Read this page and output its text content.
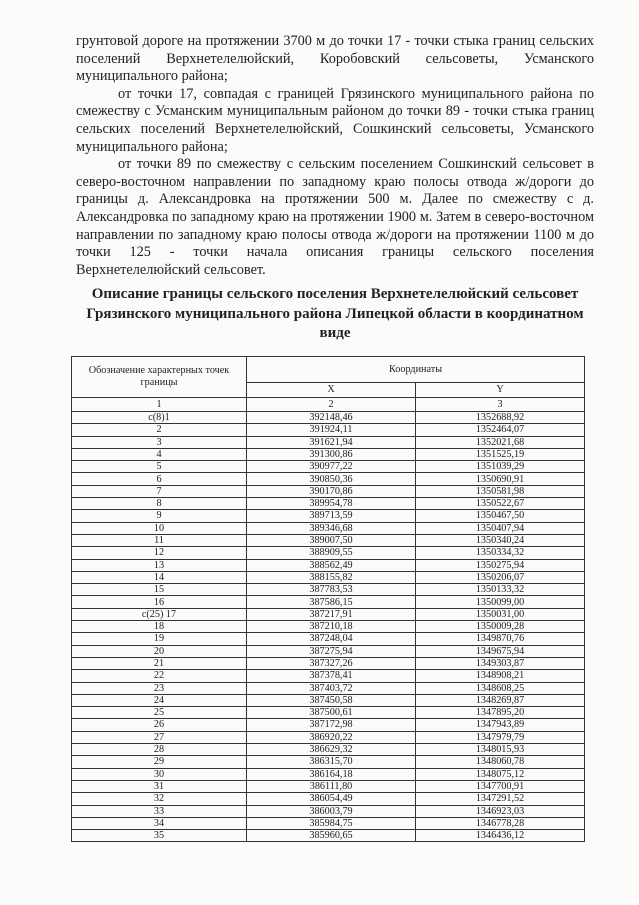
грунтовой дороге на протяжении 3700 м до точки 17 - точки стыка границ сельских поселений Верхнетелелюйский, Коробовский сельсоветы, Усманского муниципального района;

от точки 17, совпадая с границей Грязинского муниципального района по смежеству с Усманским муниципальным районом до точки 89 - точки стыка границ сельских поселений Верхнетелелюйский, Сошкинский сельсоветы, Усманского муниципального района;

от точки 89 по смежеству с сельским поселением Сошкинский сельсовет в северо-восточном направлении по западному краю полосы отвода ж/дороги до границы д. Александровка на протяжении 500 м. Далее по смежеству с д. Александровка по западному краю на протяжении 1900 м. Затем в северо-восточном направлении по западному краю полосы отвода ж/дороги на протяжении 1100 м до точки 125 - точки начала описания границы сельского поселения Верхнетелелюйский сельсовет.

Описание границы сельского поселения Верхнетелелюйский сельсовет Грязинского муниципального района Липецкой области в координатном виде
Обозначение характерных точек границы	Координаты	
	X	Y
1	2	3
с(8)1	392148,46	1352688,92
2	391924,11	1352464,07
3	391621,94	1352021,68
4	391300,86	1351525,19
5	390977,22	1351039,29
6	390850,36	1350690,91
7	390170,86	1350581,98
8	389954,78	1350522,67
9	389713,59	1350467,50
10	389346,68	1350407,94
11	389007,50	1350340,24
12	388909,55	1350334,32
13	388562,49	1350275,94
14	388155,82	1350206,07
15	387783,53	1350133,32
16	387586,15	1350099,00
с(25) 17	387217,91	1350031,00
18	387210,18	1350009,28
19	387248,04	1349870,76
20	387275,94	1349675,94
21	387327,26	1349303,87
22	387378,41	1348908,21
23	387403,72	1348608,25
24	387450,58	1348269,87
25	387500,61	1347895,20
26	387172,98	1347943,89
27	386920,22	1347979,79
28	386629,32	1348015,93
29	386315,70	1348060,78
30	386164,18	1348075,12
31	386111,80	1347700,91
32	386054,49	1347291,52
33	386003,79	1346923,03
34	385984,75	1346778,28
35	385960,65	1346436,12
